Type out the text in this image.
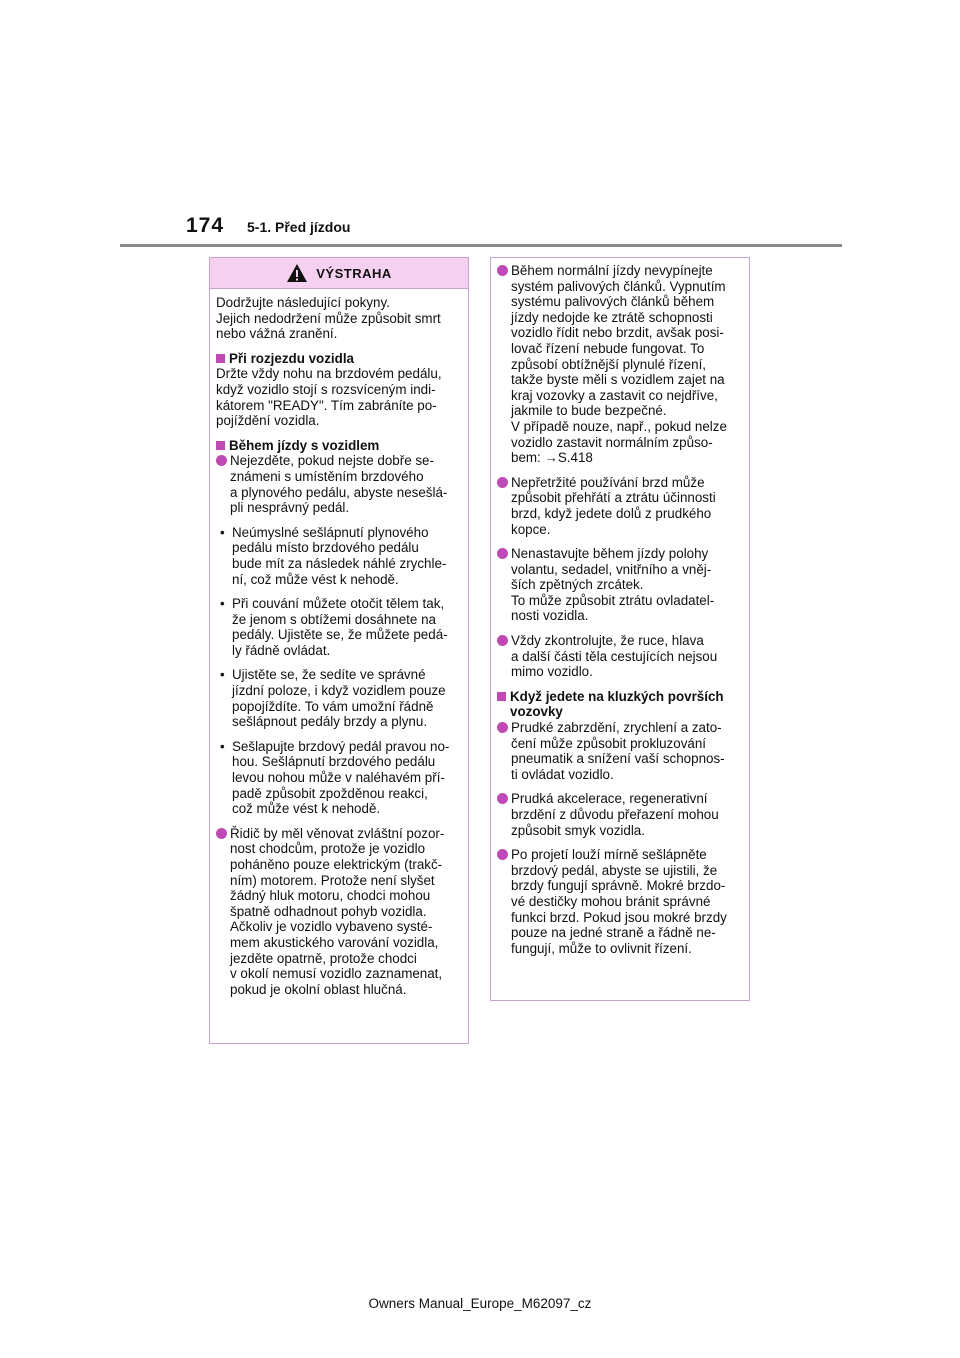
174 5-1. Před jízdou
VÝSTRAHA
Dodržujte následující pokyny.
Jejich nedodržení může způsobit smrt
nebo vážná zranění.
Při rozjezdu vozidla
Držte vždy nohu na brzdovém pedálu,
když vozidlo stojí s rozsvíceným indi-
kátorem "READY". Tím zabráníte po-
pojíždění vozidla.
Během jízdy s vozidlem
Nejezděte, pokud nejste dobře se-
známeni s umístěním brzdového
a plynového pedálu, abyste nesešlá-
pli nesprávný pedál.
• Neúmyslné sešlápnutí plynového
pedálu místo brzdového pedálu
bude mít za následek náhlé zrychle-
ní, což může vést k nehodě.
• Při couvání můžete otočit tělem tak,
že jenom s obtížemi dosáhnete na
pedály. Ujistěte se, že můžete pedá-
ly řádně ovládat.
• Ujistěte se, že sedíte ve správné
jízdní poloze, i když vozidlem pouze
popojíždíte. To vám umožní řádně
sešlápnout pedály brzdy a plynu.
• Sešlapujte brzdový pedál pravou no-
hou. Sešlápnutí brzdového pedálu
levou nohou může v naléhavém pří-
padě způsobit zpožděnou reakci,
což může vést k nehodě.
Řidič by měl věnovat zvláštní pozor-
nost chodcům, protože je vozidlo
poháněno pouze elektrickým (trakč-
ním) motorem. Protože není slyšet
žádný hluk motoru, chodci mohou
špatně odhadnout pohyb vozidla.
Ačkoliv je vozidlo vybaveno systé-
mem akustického varování vozidla,
jezděte opatrně, protože chodci
v okolí nemusí vozidlo zaznamenat,
pokud je okolní oblast hlučná.
Během normální jízdy nevypínejte
systém palivových článků. Vypnutím
systému palivových článků během
jízdy nedojde ke ztrátě schopnosti
vozidlo řídit nebo brzdit, avšak posi-
lovač řízení nebude fungovat. To
způsobí obtížnější plynulé řízení,
takže byste měli s vozidlem zajet na
kraj vozovky a zastavit co nejdříve,
jakmile to bude bezpečné.
V případě nouze, např., pokud nelze
vozidlo zastavit normálním způso-
bem: →S.418
Nepřetržité používání brzd může
způsobit přehřátí a ztrátu účinnosti
brzd, když jedete dolů z prudkého
kopce.
Nenastavujte během jízdy polohy
volantu, sedadel, vnitřního a vněj-
ších zpětných zrcátek.
To může způsobit ztrátu ovladatel-
nosti vozidla.
Vždy zkontrolujte, že ruce, hlava
a další části těla cestujících nejsou
mimo vozidlo.
Když jedete na kluzkých površích
vozovky
Prudké zabrzdění, zrychlení a zato-
čení může způsobit prokluzování
pneumatik a snížení vaší schopnos-
ti ovládat vozidlo.
Prudká akcelerace, regenerativní
brzdění z důvodu přeřazení mohou
způsobit smyk vozidla.
Po projetí louží mírně sešlápněte
brzdový pedál, abyste se ujistili, že
brzdy fungují správně. Mokré brzdo-
vé destičky mohou bránit správné
funkci brzd. Pokud jsou mokré brzdy
pouze na jedné straně a řádně ne-
fungují, může to ovlivnit řízení.
Owners Manual_Europe_M62097_cz
